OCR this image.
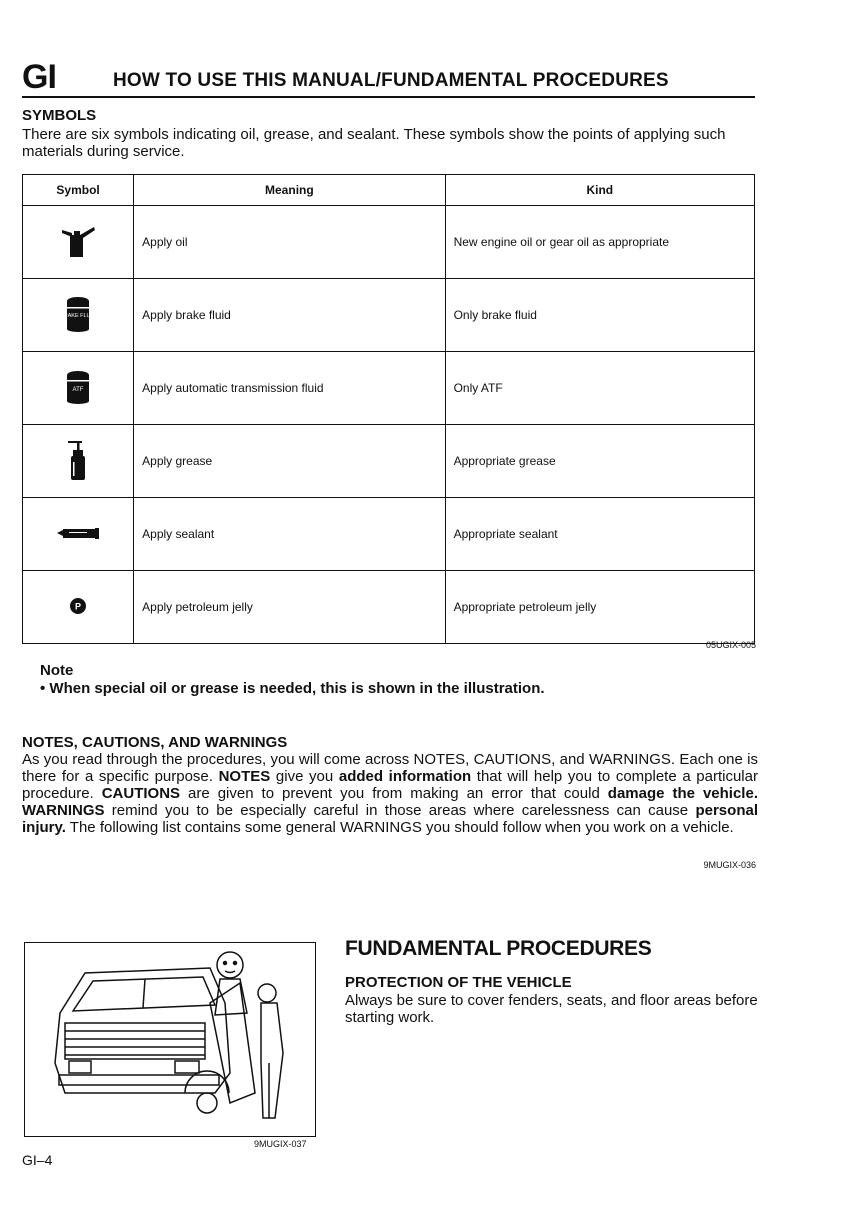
GI	HOW TO USE THIS MANUAL/FUNDAMENTAL PROCEDURES
SYMBOLS
There are six symbols indicating oil, grease, and sealant. These symbols show the points of applying such materials during service.
Symbol	Meaning	Kind
	Apply oil	New engine oil or gear oil as appropriate

BRAKE FLUID	Apply brake fluid	Only brake fluid

ATF	Apply automatic transmission fluid	Only ATF
	Apply grease	Appropriate grease
	Apply sealant	Appropriate sealant

P	Apply petroleum jelly	Appropriate petroleum jelly
05UGIX-005
Note
• When special oil or grease is needed, this is shown in the illustration.
NOTES, CAUTIONS, AND WARNINGS
As you read through the procedures, you will come across NOTES, CAUTIONS, and WARNINGS. Each one is there for a specific purpose. NOTES give you added information that will help you to complete a particular procedure. CAUTIONS are given to prevent you from making an error that could damage the vehicle. WARNINGS remind you to be especially careful in those areas where carelessness can cause personal injury. The following list contains some general WARNINGS you should follow when you work on a vehicle.
9MUGIX-036
9MUGIX-037
FUNDAMENTAL PROCEDURES
PROTECTION OF THE VEHICLE
Always be sure to cover fenders, seats, and floor areas before starting work.
GI–4
